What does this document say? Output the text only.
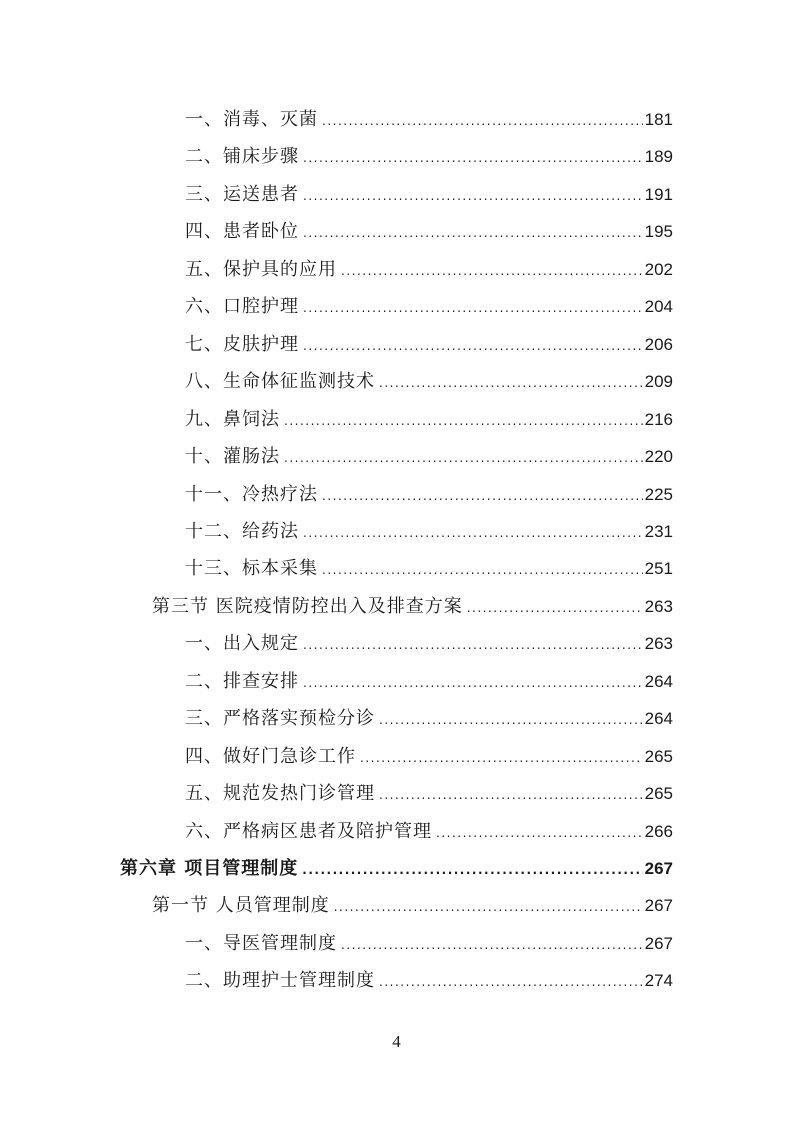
一、消毒、灭菌 .....	181
二、铺床步骤 .....	189
三、运送患者 .....	191
四、患者卧位 .....	195
五、保护具的应用 .....	202
六、口腔护理 .....	204
七、皮肤护理 .....	206
八、生命体征监测技术 .....	209
九、鼻饲法 .....	216
十、灌肠法 .....	220
十一、冷热疗法 .....	225
十二、给药法 .....	231
十三、标本采集 .....	251
第三节 医院疫情防控出入及排查方案 .....	263
一、出入规定 .....	263
二、排查安排 .....	264
三、严格落实预检分诊 .....	264
四、做好门急诊工作 .....	265
五、规范发热门诊管理 .....	265
六、严格病区患者及陪护管理 .....	266
第六章 项目管理制度 .....	267
第一节 人员管理制度 .....	267
一、导医管理制度 .....	267
二、助理护士管理制度 .....	274
4
